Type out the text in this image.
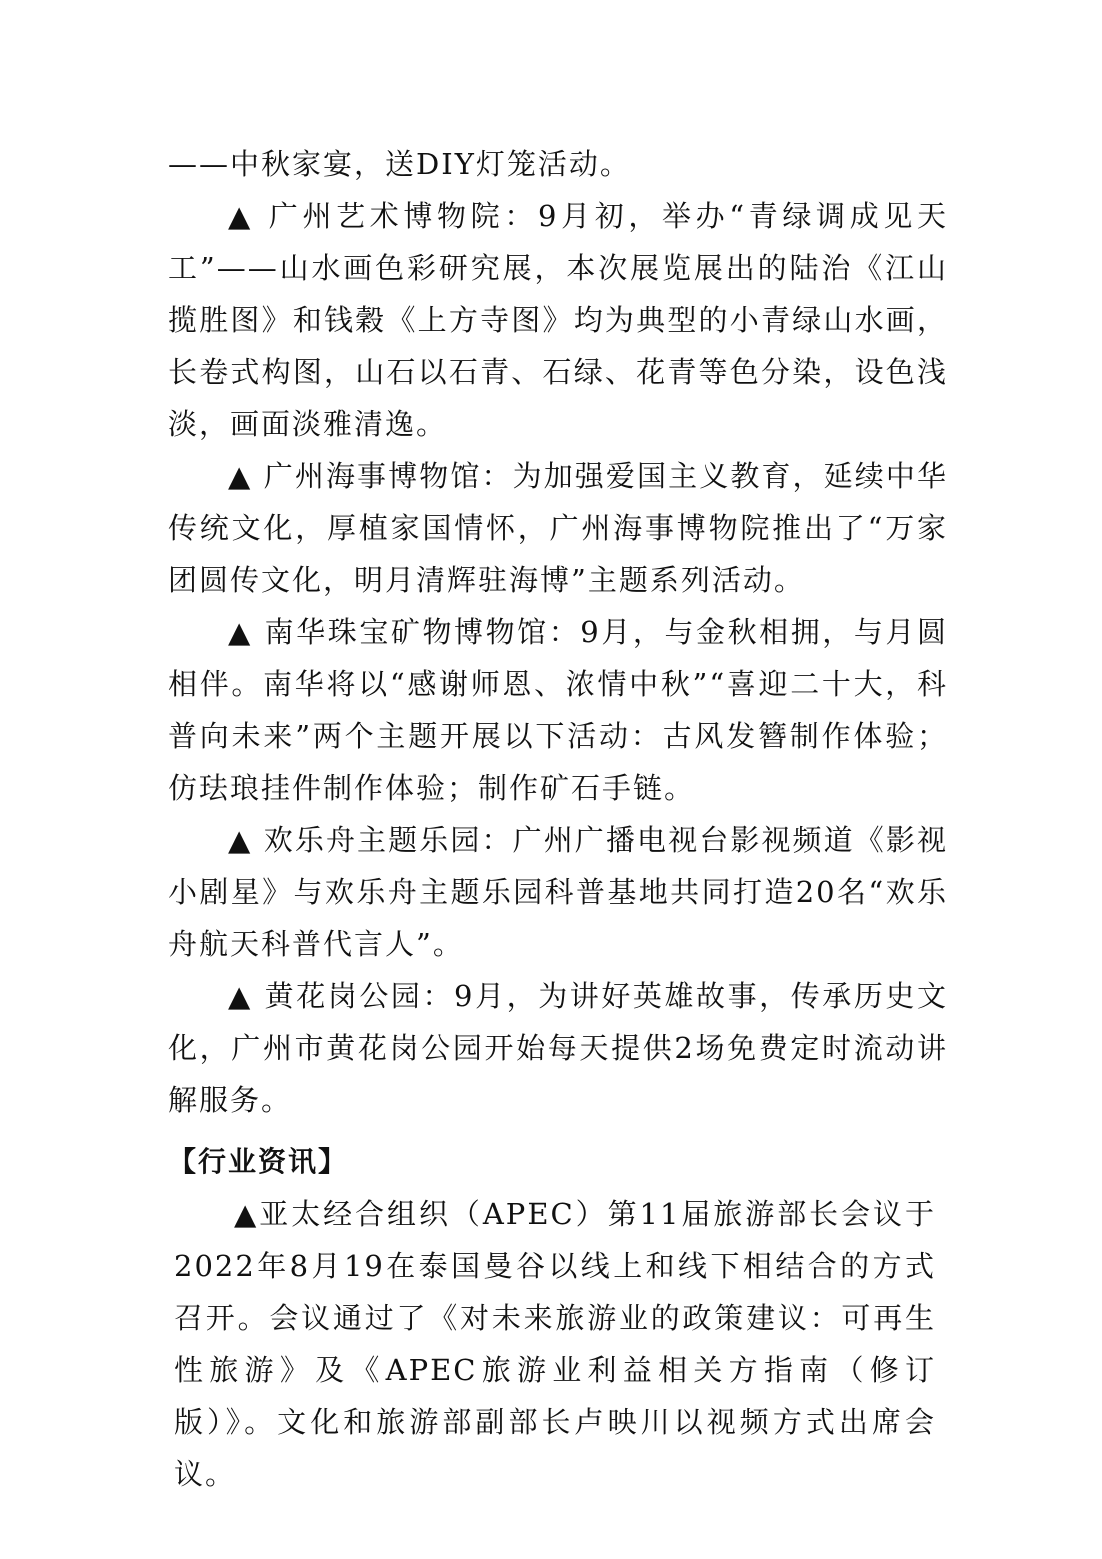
——中秋家宴，送DIY灯笼活动。

▲ 广州艺术博物院：9月初，举办“青绿调成见天工”——山水画色彩研究展，本次展览展出的陆治《江山揽胜图》和钱穀《上方寺图》均为典型的小青绿山水画，长卷式构图，山石以石青、石绿、花青等色分染，设色浅淡，画面淡雅清逸。

▲ 广州海事博物馆：为加强爱国主义教育，延续中华传统文化，厚植家国情怀，广州海事博物院推出了“万家团圆传文化，明月清辉驻海博”主题系列活动。

▲ 南华珠宝矿物博物馆：9月，与金秋相拥，与月圆相伴。南华将以“感谢师恩、浓情中秋”“喜迎二十大，科普向未来”两个主题开展以下活动：古风发簪制作体验；仿珐琅挂件制作体验；制作矿石手链。

▲ 欢乐舟主题乐园：广州广播电视台影视频道《影视小剧星》与欢乐舟主题乐园科普基地共同打造20名“欢乐舟航天科普代言人”。

▲ 黄花岗公园：9月，为讲好英雄故事，传承历史文化，广州市黄花岗公园开始每天提供2场免费定时流动讲解服务。

【行业资讯】

▲亚太经合组织（APEC）第11届旅游部长会议于2022年8月19在泰国曼谷以线上和线下相结合的方式召开。会议通过了《对未来旅游业的政策建议：可再生性旅游》及《APEC旅游业利益相关方指南（修订版）》。文化和旅游部副部长卢映川以视频方式出席会议。
